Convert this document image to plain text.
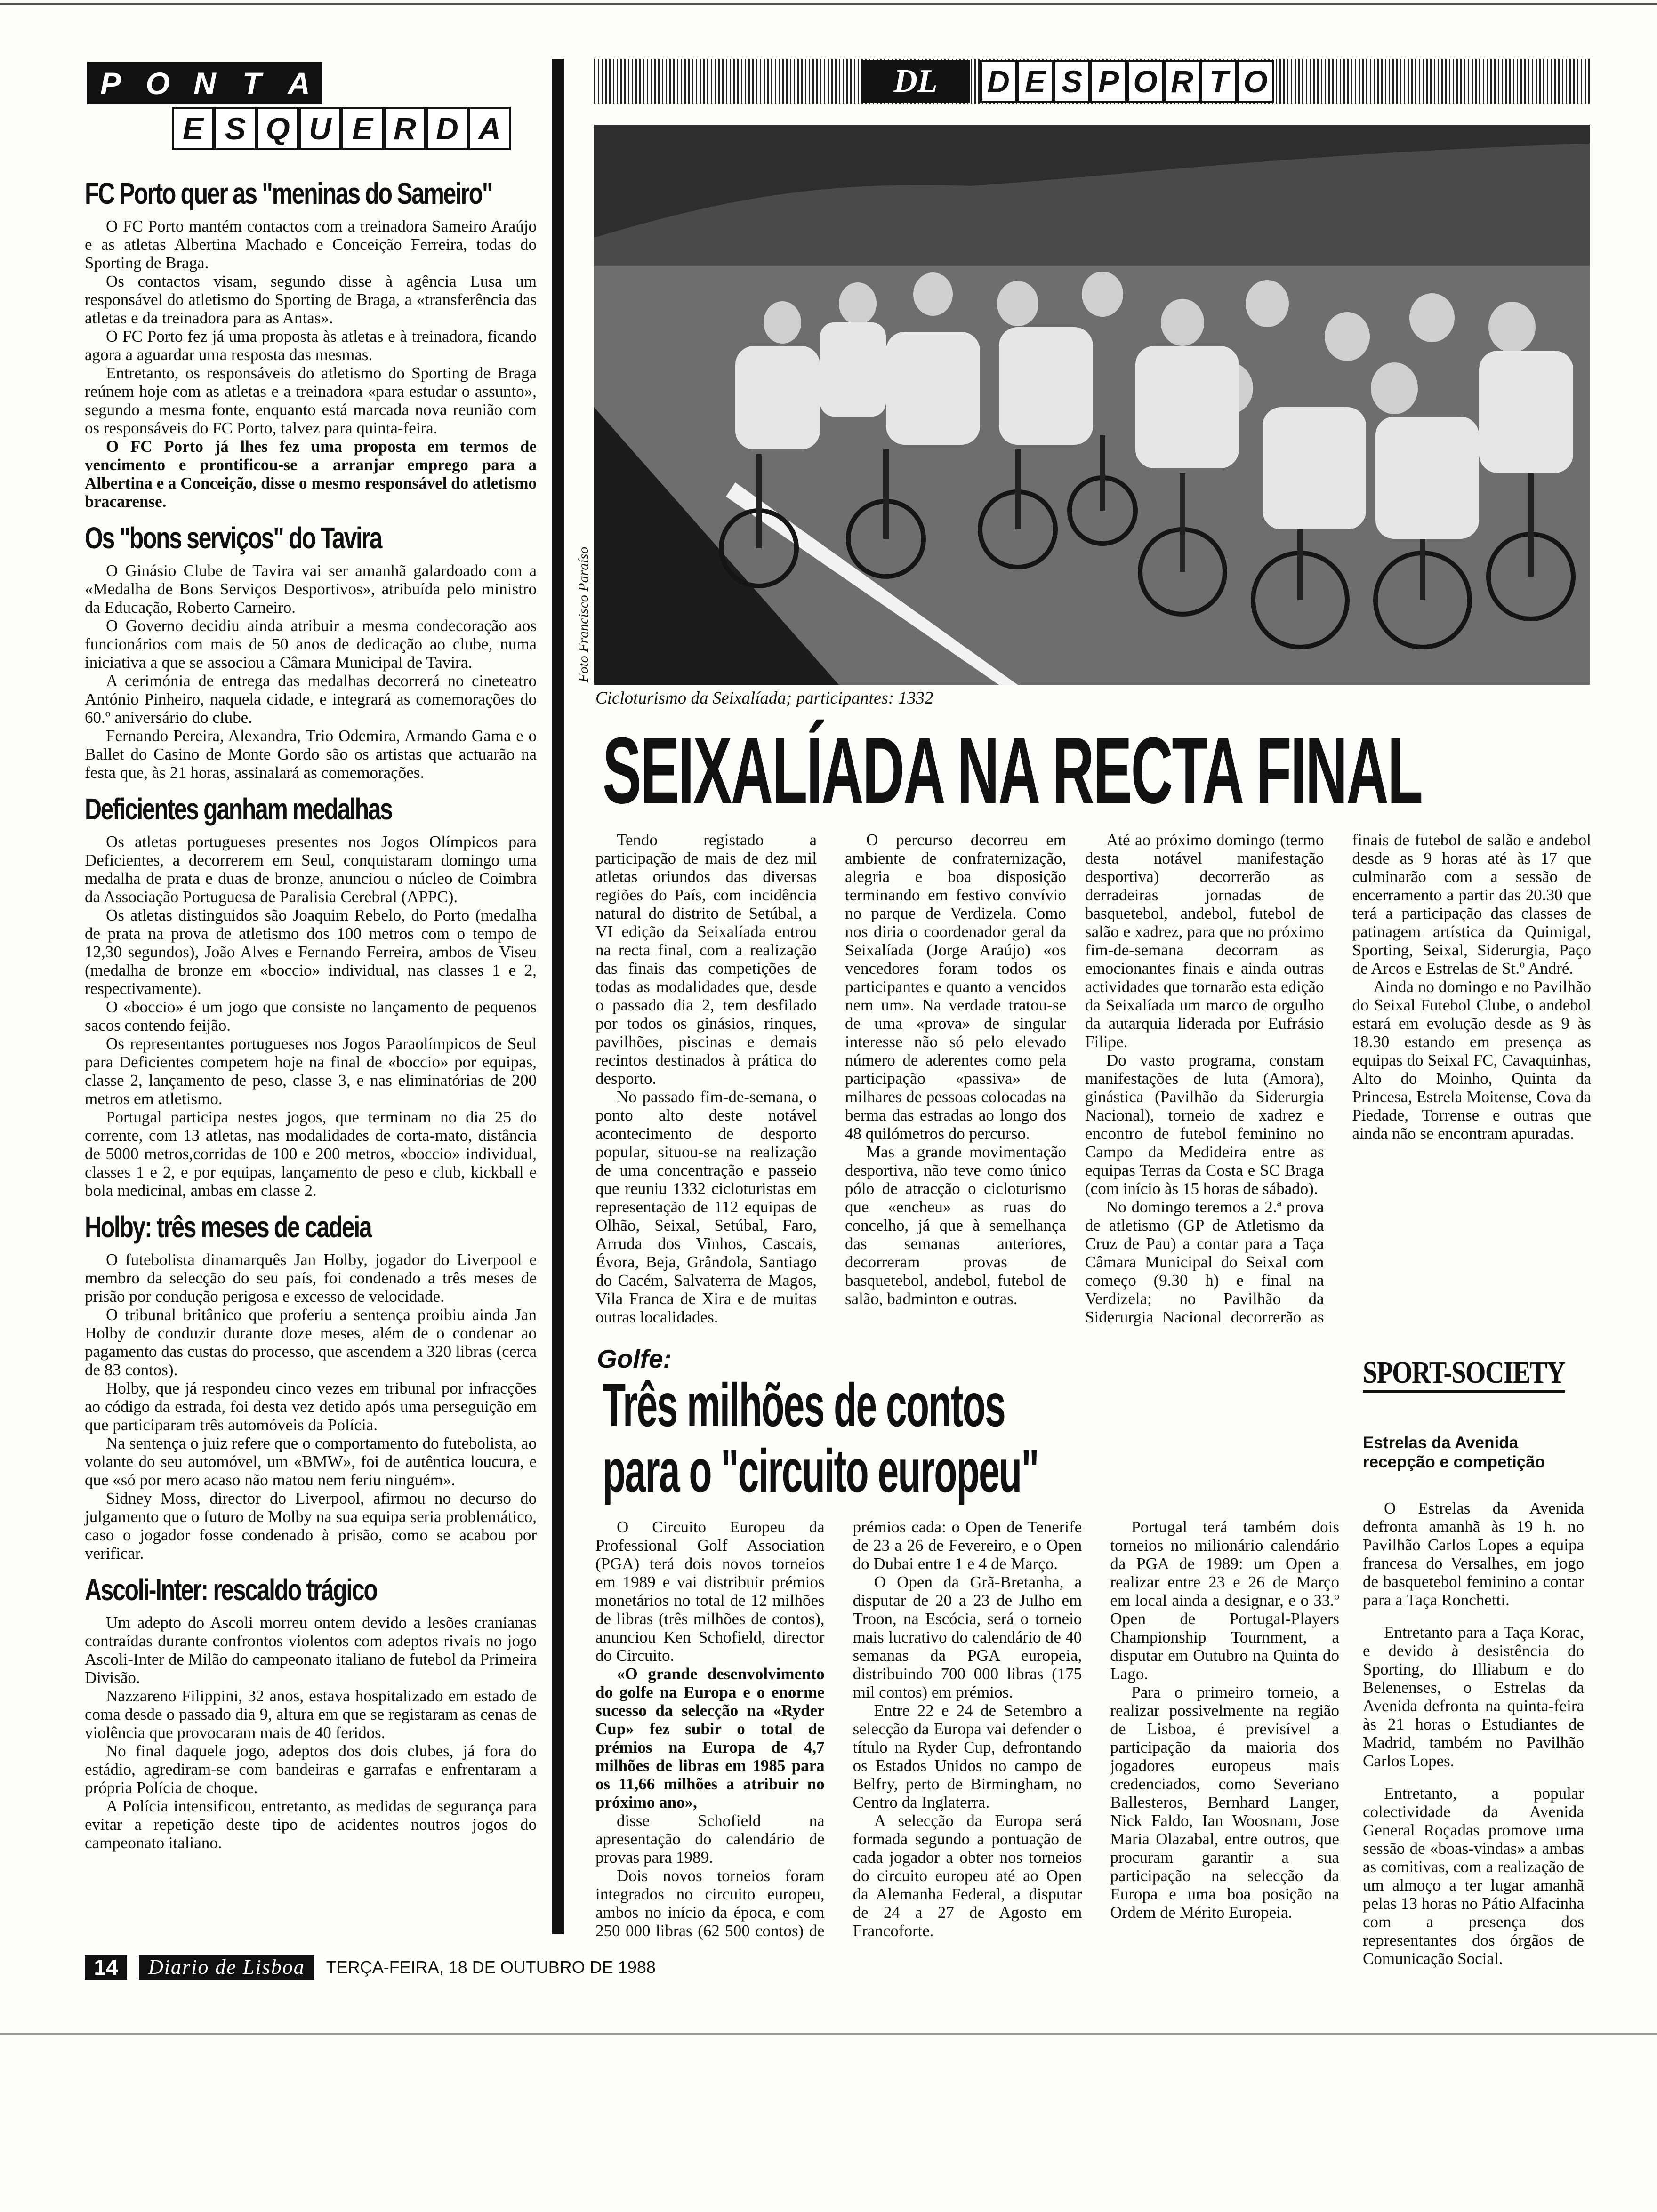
P O N T A
E S Q U E R D A
DL	D E S P O R T O
Foto Francisco Paraíso
Cicloturismo da Seixalíada; participantes: 1332
SEIXALÍADA NA RECTA FINAL

Tendo registado a participação de mais de dez mil atletas oriundos das diversas regiões do País, com incidência natural do distrito de Setúbal, a VI edição da Seixalíada entrou na recta final, com a realização das finais das competições de todas as modalidades que, desde o passado dia 2, tem desfilado por todos os ginásios, rinques, pavilhões, piscinas e demais recintos destinados à prática do desporto.

No passado fim-de-semana, o ponto alto deste notável acontecimento de desporto popular, situou-se na realização de uma concentração e passeio que reuniu 1332 cicloturistas em representação de 112 equipas de Olhão, Seixal, Setúbal, Faro, Arruda dos Vinhos, Cascais, Évora, Beja, Grândola, Santiago do Cacém, Salvaterra de Magos, Vila Franca de Xira e de muitas outras localidades.

O percurso decorreu em ambiente de confraternização, alegria e boa disposição terminando em festivo convívio no parque de Verdizela. Como nos diria o coordenador geral da Seixalíada (Jorge Araújo) «os vencedores foram todos os participantes e quanto a vencidos nem um». Na verdade tratou-se de uma «prova» de singular interesse não só pelo elevado número de aderentes como pela participação «passiva» de milhares de pessoas colocadas na berma das estradas ao longo dos 48 quilómetros do percurso.

Mas a grande movimentação desportiva, não teve como único pólo de atracção o cicloturismo que «encheu» as ruas do concelho, já que à semelhança das semanas anteriores, decorreram provas de basquetebol, andebol, futebol de salão, badminton e outras.

Até ao próximo domingo (termo desta notável manifestação desportiva) decorrerão as derradeiras jornadas de basquetebol, andebol, futebol de salão e xadrez, para que no próximo fim-de-semana decorram as emocionantes finais e ainda outras actividades que tornarão esta edição da Seixalíada um marco de orgulho da autarquia liderada por Eufrásio Filipe.

Do vasto programa, constam manifestações de luta (Amora), ginástica (Pavilhão da Siderurgia Nacional), torneio de xadrez e encontro de futebol feminino no Campo da Medideira entre as equipas Terras da Costa e SC Braga (com início às 15 horas de sábado).

No domingo teremos a 2.ª prova de atletismo (GP de Atletismo da Cruz de Pau) a contar para a Taça Câmara Municipal do Seixal com começo (9.30 h) e final na Verdizela; no Pavilhão da Siderurgia Nacional decorrerão as finais de futebol de salão e andebol desde as 9 horas até às 17 que culminarão com a sessão de encerramento a partir das 20.30 que terá a participação das classes de patinagem artística da Quimigal, Sporting, Seixal, Siderurgia, Paço de Arcos e Estrelas de St.º André.

Ainda no domingo e no Pavilhão do Seixal Futebol Clube, o andebol estará em evolução desde as 9 às 18.30 estando em presença as equipas do Seixal FC, Cavaquinhas, Alto do Moinho, Quinta da Princesa, Estrela Moitense, Cova da Piedade, Torrense e outras que ainda não se encontram apuradas.

Golfe:
Três milhões de contos
para o "circuito europeu"

O Circuito Europeu da Professional Golf Association (PGA) terá dois novos torneios em 1989 e vai distribuir prémios monetários no total de 12 milhões de libras (três milhões de contos), anunciou Ken Schofield, director do Circuito.

«O grande desenvolvimento do golfe na Europa e o enorme sucesso da selecção na «Ryder Cup» fez subir o total de prémios na Europa de 4,7 milhões de libras em 1985 para os 11,66 milhões a atribuir no próximo ano»,

disse Schofield na apresentação do calendário de provas para 1989.

Dois novos torneios foram integrados no circuito europeu, ambos no início da época, e com 250 000 libras (62 500 contos) de prémios cada: o Open de Tenerife de 23 a 26 de Fevereiro, e o Open do Dubai entre 1 e 4 de Março.

O Open da Grã-Bretanha, a disputar de 20 a 23 de Julho em Troon, na Escócia, será o torneio mais lucrativo do calendário de 40 semanas da PGA europeia, distribuindo 700 000 libras (175 mil contos) em prémios.

Entre 22 e 24 de Setembro a selecção da Europa vai defender o título na Ryder Cup, defrontando os Estados Unidos no campo de Belfry, perto de Birmingham, no Centro da Inglaterra.

A selecção da Europa será formada segundo a pontuação de cada jogador a obter nos torneios do circuito europeu até ao Open da Alemanha Federal, a disputar de 24 a 27 de Agosto em Francoforte.

Portugal terá também dois torneios no milionário calendário da PGA de 1989: um Open a realizar entre 23 e 26 de Março em local ainda a designar, e o 33.º Open de Portugal-Players Championship Tournment, a disputar em Outubro na Quinta do Lago.

Para o primeiro torneio, a realizar possivelmente na região de Lisboa, é previsível a participação da maioria dos jogadores europeus mais credenciados, como Severiano Ballesteros, Bernhard Langer, Nick Faldo, Ian Woosnam, Jose Maria Olazabal, entre outros, que procuram garantir a sua participação na selecção da Europa e uma boa posição na Ordem de Mérito Europeia.

SPORT-SOCIETY
Estrelas da Avenida recepção e competição

O Estrelas da Avenida defronta amanhã às 19 h. no Pavilhão Carlos Lopes a equipa francesa do Versalhes, em jogo de basquetebol feminino a contar para a Taça Ronchetti.

Entretanto para a Taça Korac, e devido à desistência do Sporting, do Illiabum e do Belenenses, o Estrelas da Avenida defronta na quinta-feira às 21 horas o Estudiantes de Madrid, também no Pavilhão Carlos Lopes.

Entretanto, a popular colectividade da Avenida General Roçadas promove uma sessão de «boas-vindas» a ambas as comitivas, com a realização de um almoço a ter lugar amanhã pelas 13 horas no Pátio Alfacinha com a presença dos representantes dos órgãos de Comunicação Social.

FC Porto quer as "meninas do Sameiro"

O FC Porto mantém contactos com a treinadora Sameiro Araújo e as atletas Albertina Machado e Conceição Ferreira, todas do Sporting de Braga.

Os contactos visam, segundo disse à agência Lusa um responsável do atletismo do Sporting de Braga, a «transferência das atletas e da treinadora para as Antas».

O FC Porto fez já uma proposta às atletas e à treinadora, ficando agora a aguardar uma resposta das mesmas.

Entretanto, os responsáveis do atletismo do Sporting de Braga reúnem hoje com as atletas e a treinadora «para estudar o assunto», segundo a mesma fonte, enquanto está marcada nova reunião com os responsáveis do FC Porto, talvez para quinta-feira.

O FC Porto já lhes fez uma proposta em termos de vencimento e prontificou-se a arranjar emprego para a Albertina e a Conceição, disse o mesmo responsável do atletismo bracarense.

Os "bons serviços" do Tavira

O Ginásio Clube de Tavira vai ser amanhã galardoado com a «Medalha de Bons Serviços Desportivos», atribuída pelo ministro da Educação, Roberto Carneiro.

O Governo decidiu ainda atribuir a mesma condecoração aos funcionários com mais de 50 anos de dedicação ao clube, numa iniciativa a que se associou a Câmara Municipal de Tavira.

A cerimónia de entrega das medalhas decorrerá no cineteatro António Pinheiro, naquela cidade, e integrará as comemorações do 60.º aniversário do clube.

Fernando Pereira, Alexandra, Trio Odemira, Armando Gama e o Ballet do Casino de Monte Gordo são os artistas que actuarão na festa que, às 21 horas, assinalará as comemorações.

Deficientes ganham medalhas

Os atletas portugueses presentes nos Jogos Olímpicos para Deficientes, a decorrerem em Seul, conquistaram domingo uma medalha de prata e duas de bronze, anunciou o núcleo de Coimbra da Associação Portuguesa de Paralisia Cerebral (APPC).

Os atletas distinguidos são Joaquim Rebelo, do Porto (medalha de prata na prova de atletismo dos 100 metros com o tempo de 12,30 segundos), João Alves e Fernando Ferreira, ambos de Viseu (medalha de bronze em «boccio» individual, nas classes 1 e 2, respectivamente).

O «boccio» é um jogo que consiste no lançamento de pequenos sacos contendo feijão.

Os representantes portugueses nos Jogos Paraolímpicos de Seul para Deficientes competem hoje na final de «boccio» por equipas, classe 2, lançamento de peso, classe 3, e nas eliminatórias de 200 metros em atletismo.

Portugal participa nestes jogos, que terminam no dia 25 do corrente, com 13 atletas, nas modalidades de corta-mato, distância de 5000 metros,corridas de 100 e 200 metros, «boccio» individual, classes 1 e 2, e por equipas, lançamento de peso e club, kickball e bola medicinal, ambas em classe 2.

Holby: três meses de cadeia

O futebolista dinamarquês Jan Holby, jogador do Liverpool e membro da selecção do seu país, foi condenado a três meses de prisão por condução perigosa e excesso de velocidade.

O tribunal britânico que proferiu a sentença proibiu ainda Jan Holby de conduzir durante doze meses, além de o condenar ao pagamento das custas do processo, que ascendem a 320 libras (cerca de 83 contos).

Holby, que já respondeu cinco vezes em tribunal por infracções ao código da estrada, foi desta vez detido após uma perseguição em que participaram três automóveis da Polícia.

Na sentença o juiz refere que o comportamento do futebolista, ao volante do seu automóvel, um «BMW», foi de autêntica loucura, e que «só por mero acaso não matou nem feriu ninguém».

Sidney Moss, director do Liverpool, afirmou no decurso do julgamento que o futuro de Molby na sua equipa seria problemático, caso o jogador fosse condenado à prisão, como se acabou por verificar.

Ascoli-Inter: rescaldo trágico

Um adepto do Ascoli morreu ontem devido a lesões cranianas contraídas durante confrontos violentos com adeptos rivais no jogo Ascoli-Inter de Milão do campeonato italiano de futebol da Primeira Divisão.

Nazzareno Filippini, 32 anos, estava hospitalizado em estado de coma desde o passado dia 9, altura em que se registaram as cenas de violência que provocaram mais de 40 feridos.

No final daquele jogo, adeptos dos dois clubes, já fora do estádio, agrediram-se com bandeiras e garrafas e enfrentaram a própria Polícia de choque.

A Polícia intensificou, entretanto, as medidas de segurança para evitar a repetição deste tipo de acidentes noutros jogos do campeonato italiano.

14	Diario de Lisboa	TERÇA-FEIRA, 18 DE OUTUBRO DE 1988
